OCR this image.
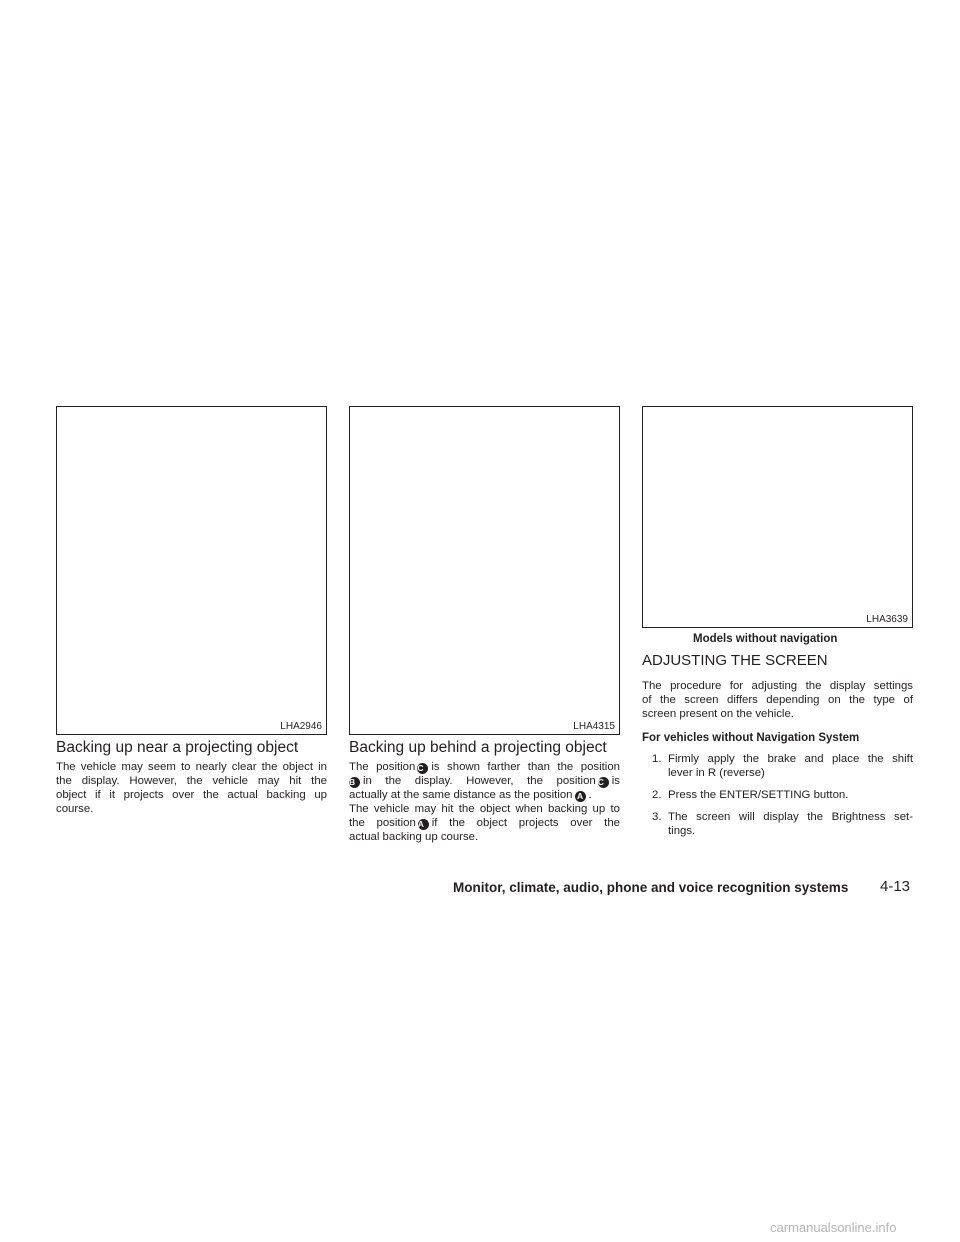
LHA2946
Backing up near a projecting object

The vehicle may seem to nearly clear the object in
the display. However, the vehicle may hit the
object if it projects over the actual backing up
course.

LHA4315
Backing up behind a projecting object

The position C is shown farther than the position
B in the display. However, the position C is
actually at the same distance as the position A .
The vehicle may hit the object when backing up to
the position A if the object projects over the
actual backing up course.

LHA3639
Models without navigation
ADJUSTING THE SCREEN

The procedure for adjusting the display settings
of the screen differs depending on the type of
screen present on the vehicle.

For vehicles without Navigation System
1. Firmly apply the brake and place the shift
lever in R (reverse)
2. Press the ENTER/SETTING button.
3. The screen will display the Brightness set-
tings.
Monitor, climate, audio, phone and voice recognition systems 4-13
carmanualsonline.info
